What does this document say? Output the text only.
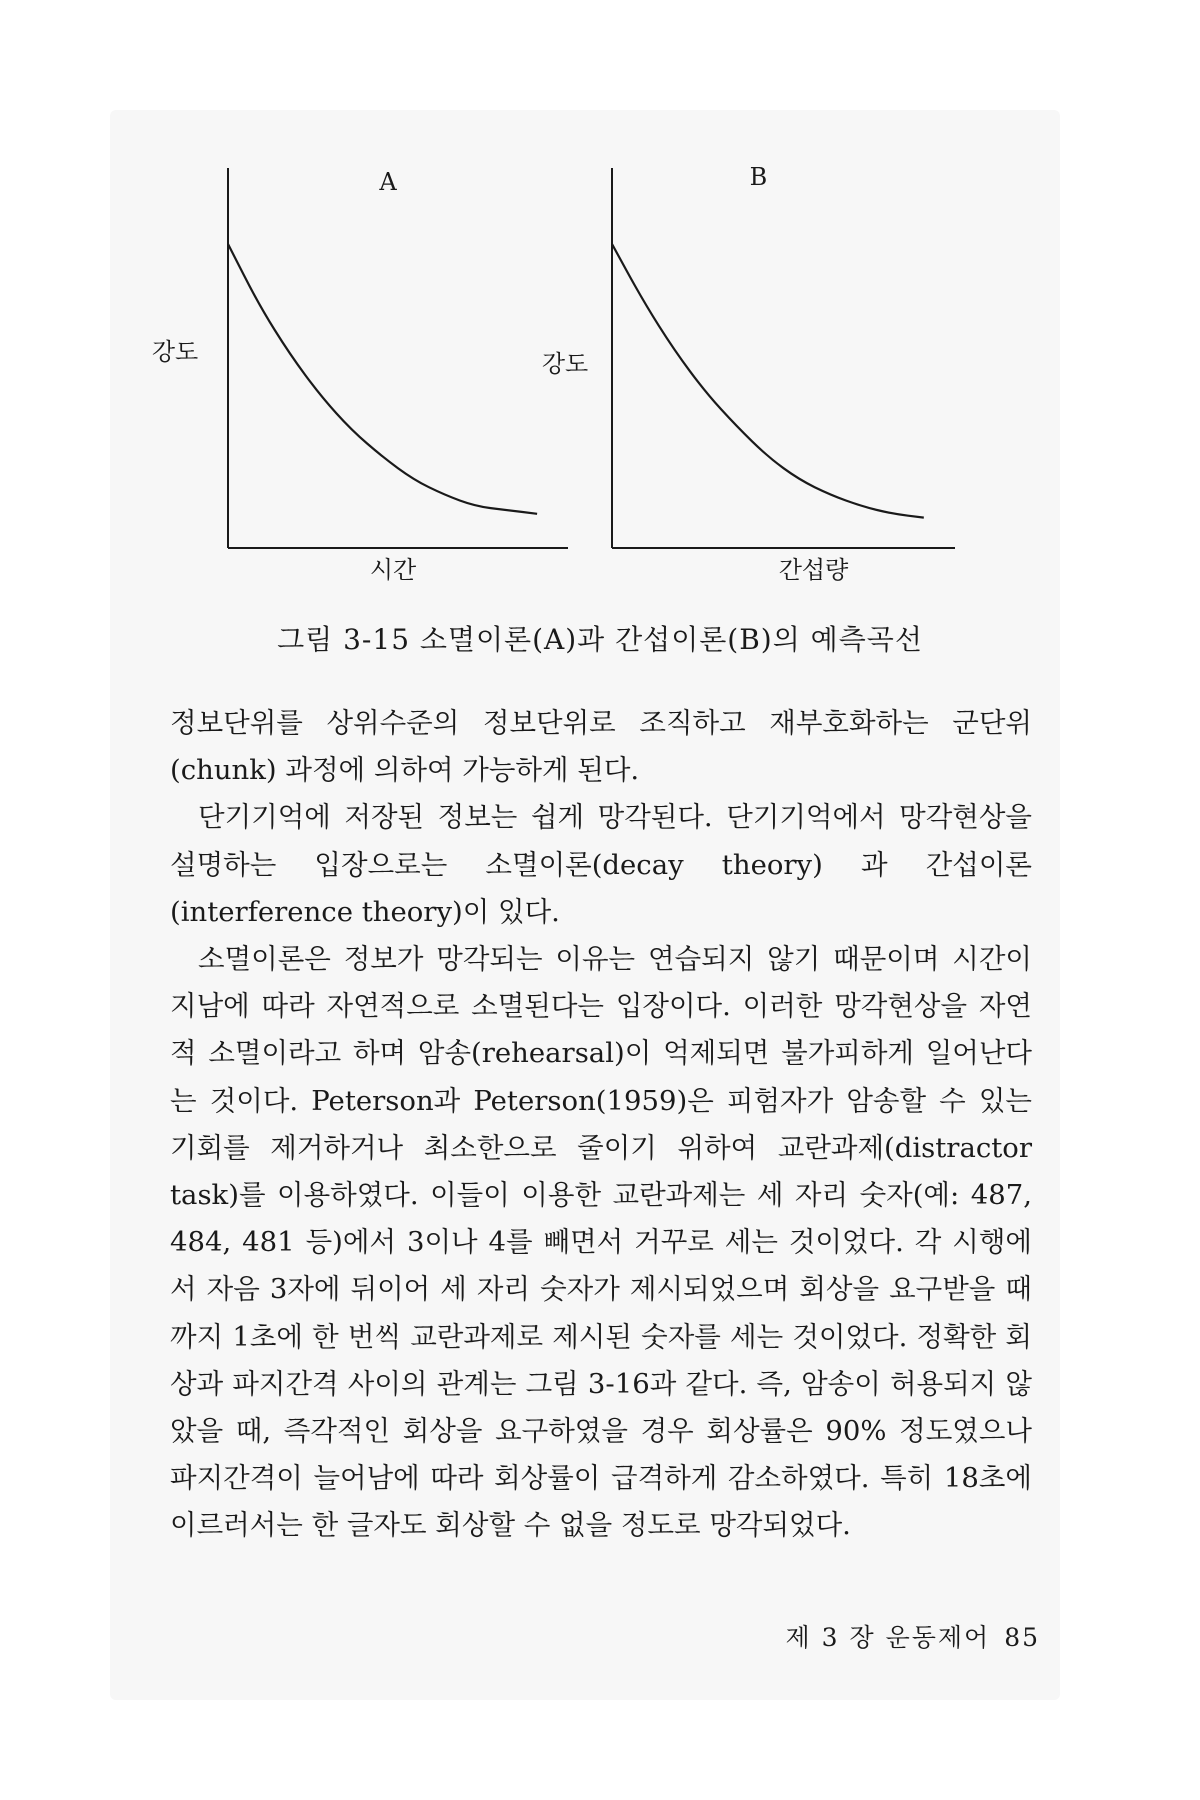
A
강도
시간
B
강도
간섭량
그림 3-15 소멸이론(A)과 간섭이론(B)의 예측곡선

정보단위를 상위수준의 정보단위로 조직하고 재부호화하는 군단위(chunk) 과정에 의하여 가능하게 된다.

단기기억에 저장된 정보는 쉽게 망각된다. 단기기억에서 망각현상을 설명하는 입장으로는 소멸이론(decay theory) 과 간섭이론(interference theory)이 있다.

소멸이론은 정보가 망각되는 이유는 연습되지 않기 때문이며 시간이 지남에 따라 자연적으로 소멸된다는 입장이다. 이러한 망각현상을 자연적 소멸이라고 하며 암송(rehearsal)이 억제되면 불가피하게 일어난다는 것이다. Peterson과 Peterson(1959)은 피험자가 암송할 수 있는 기회를 제거하거나 최소한으로 줄이기 위하여 교란과제(distractor task)를 이용하였다. 이들이 이용한 교란과제는 세 자리 숫자(예: 487, 484, 481 등)에서 3이나 4를 빼면서 거꾸로 세는 것이었다. 각 시행에서 자음 3자에 뒤이어 세 자리 숫자가 제시되었으며 회상을 요구받을 때까지 1초에 한 번씩 교란과제로 제시된 숫자를 세는 것이었다. 정확한 회상과 파지간격 사이의 관계는 그림 3-16과 같다. 즉, 암송이 허용되지 않았을 때, 즉각적인 회상을 요구하였을 경우 회상률은 90% 정도였으나 파지간격이 늘어남에 따라 회상률이 급격하게 감소하였다. 특히 18초에 이르러서는 한 글자도 회상할 수 없을 정도로 망각되었다.

제 3 장 운동제어 85
